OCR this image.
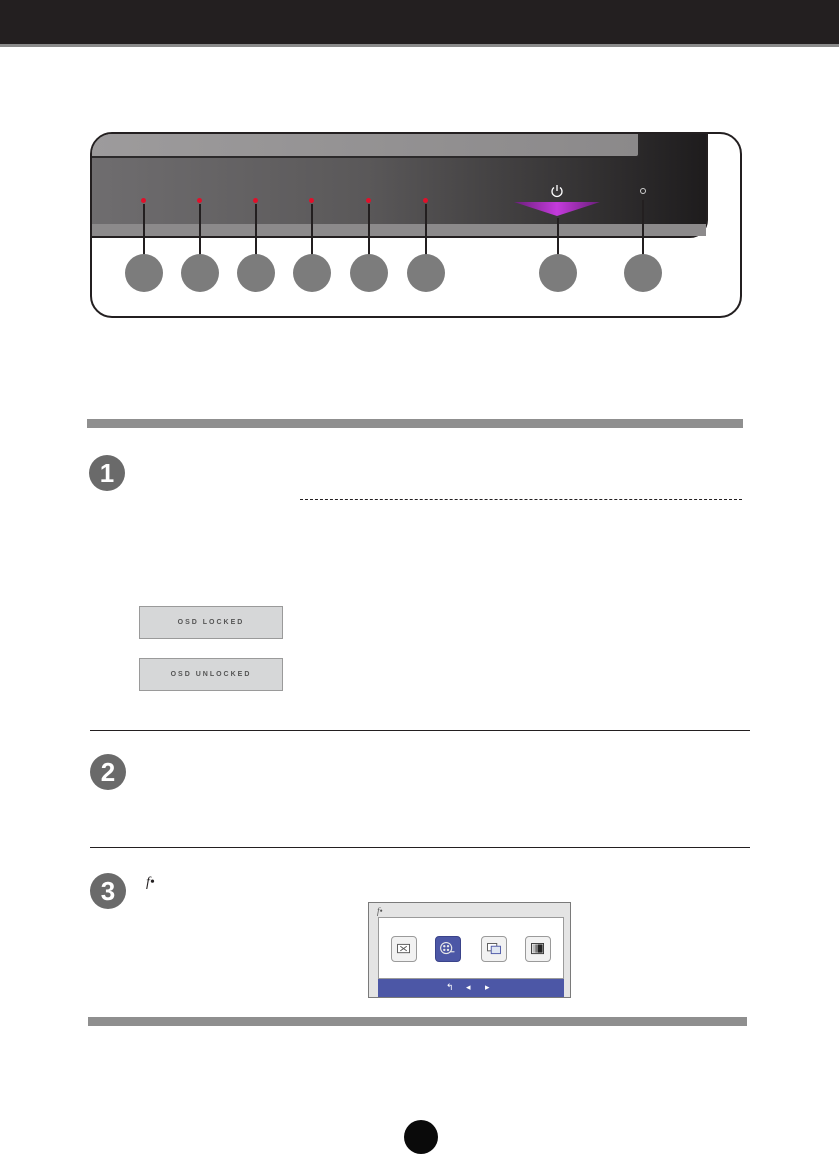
1
OSD LOCKED
OSD UNLOCKED
2
3	f•
f•
↰ ◂ ▸
